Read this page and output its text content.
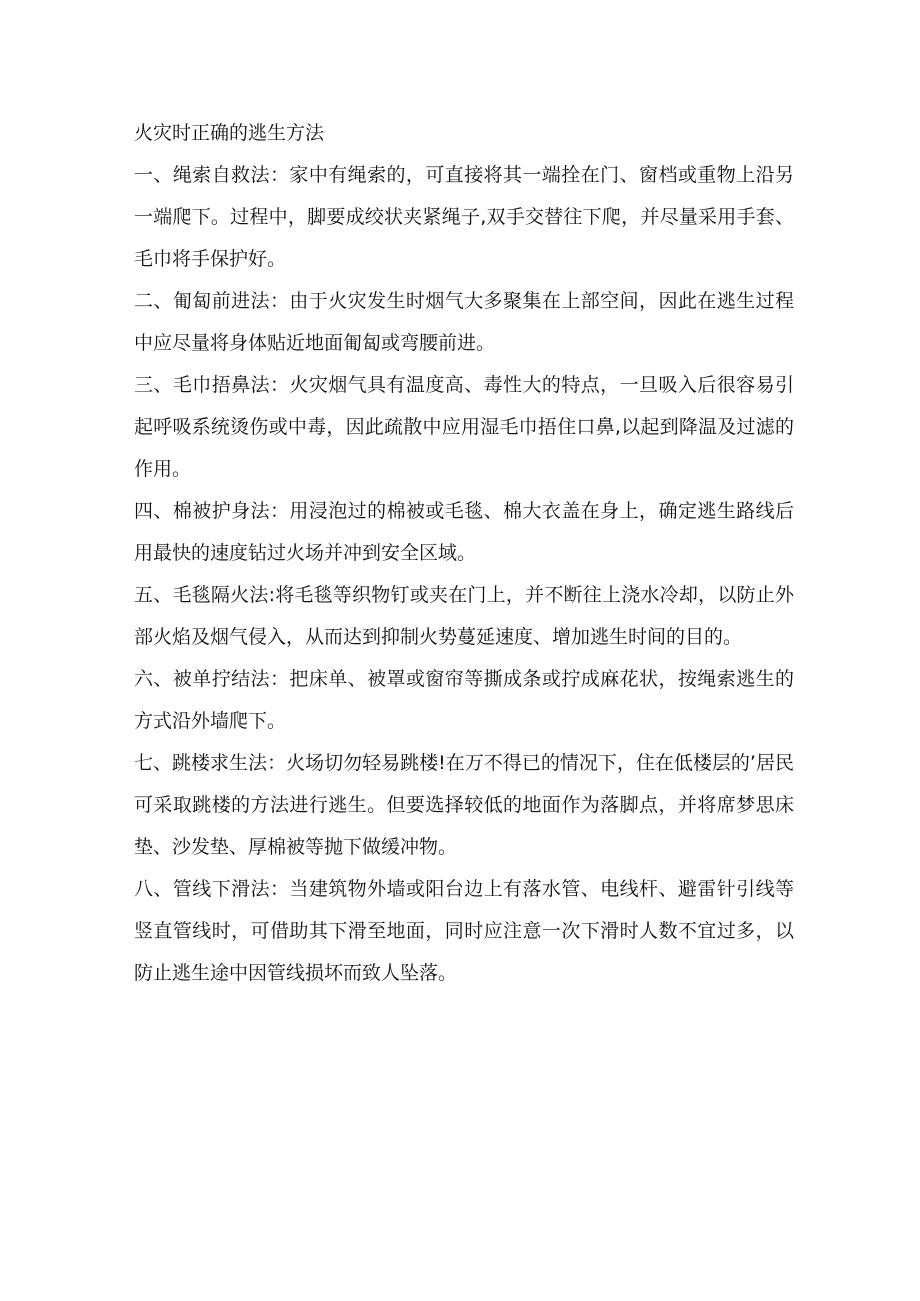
火灾时正确的逃生方法

一、绳索自救法：家中有绳索的，可直接将其一端拴在门、窗档或重物上沿另一端爬下。过程中，脚要成绞状夹紧绳子,双手交替往下爬，并尽量采用手套、毛巾将手保护好。

二、匍匐前进法：由于火灾发生时烟气大多聚集在上部空间，因此在逃生过程中应尽量将身体贴近地面匍匐或弯腰前进。

三、毛巾捂鼻法：火灾烟气具有温度高、毒性大的特点，一旦吸入后很容易引起呼吸系统烫伤或中毒，因此疏散中应用湿毛巾捂住口鼻,以起到降温及过滤的作用。

四、棉被护身法：用浸泡过的棉被或毛毯、棉大衣盖在身上，确定逃生路线后用最快的速度钻过火场并冲到安全区域。

五、毛毯隔火法:将毛毯等织物钉或夹在门上，并不断往上浇水冷却，以防止外部火焰及烟气侵入，从而达到抑制火势蔓延速度、增加逃生时间的目的。

六、被单拧结法：把床单、被罩或窗帘等撕成条或拧成麻花状，按绳索逃生的方式沿外墙爬下。

七、跳楼求生法：火场切勿轻易跳楼!在万不得已的情况下，住在低楼层的’居民可采取跳楼的方法进行逃生。但要选择较低的地面作为落脚点，并将席梦思床垫、沙发垫、厚棉被等抛下做缓冲物。

八、管线下滑法：当建筑物外墙或阳台边上有落水管、电线杆、避雷针引线等竖直管线时，可借助其下滑至地面，同时应注意一次下滑时人数不宜过多，以防止逃生途中因管线损坏而致人坠落。
